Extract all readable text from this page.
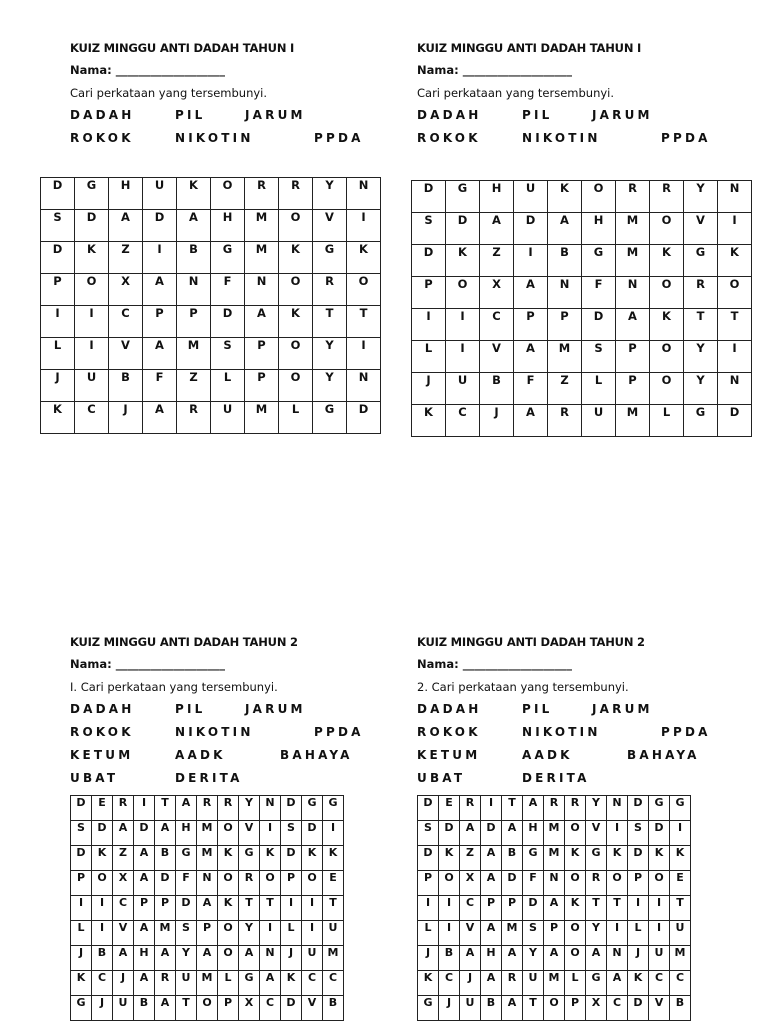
KUIZ MINGGU ANTI DADAH TAHUN I
Nama: ___________________
Cari perkataan yang tersembunyi.
DADAH	PIL	JARUM
ROKOK	NIKOTIN	PPDA
D	G	H	U	K	O	R	R	Y	N
S	D	A	D	A	H	M	O	V	I
D	K	Z	I	B	G	M	K	G	K
P	O	X	A	N	F	N	O	R	O
I	I	C	P	P	D	A	K	T	T
L	I	V	A	M	S	P	O	Y	I
J	U	B	F	Z	L	P	O	Y	N
K	C	J	A	R	U	M	L	G	D
KUIZ MINGGU ANTI DADAH TAHUN I
Nama: ___________________
Cari perkataan yang tersembunyi.
DADAH	PIL	JARUM
ROKOK	NIKOTIN	PPDA
D	G	H	U	K	O	R	R	Y	N
S	D	A	D	A	H	M	O	V	I
D	K	Z	I	B	G	M	K	G	K
P	O	X	A	N	F	N	O	R	O
I	I	C	P	P	D	A	K	T	T
L	I	V	A	M	S	P	O	Y	I
J	U	B	F	Z	L	P	O	Y	N
K	C	J	A	R	U	M	L	G	D
KUIZ MINGGU ANTI DADAH TAHUN 2
Nama: ___________________
I. Cari perkataan yang tersembunyi.
DADAH	PIL	JARUM
ROKOK	NIKOTIN	PPDA
KETUM	AADK	BAHAYA
UBAT	DERITA
D	E	R	I	T	A	R	R	Y	N	D	G	G
S	D	A	D	A	H	M	O	V	I	S	D	I
D	K	Z	A	B	G	M	K	G	K	D	K	K
P	O	X	A	D	F	N	O	R	O	P	O	E
I	I	C	P	P	D	A	K	T	T	I	I	T
L	I	V	A	M	S	P	O	Y	I	L	I	U
J	B	A	H	A	Y	A	O	A	N	J	U	M
K	C	J	A	R	U	M	L	G	A	K	C	C
G	J	U	B	A	T	O	P	X	C	D	V	B
KUIZ MINGGU ANTI DADAH TAHUN 2
Nama: ___________________
2. Cari perkataan yang tersembunyi.
DADAH	PIL	JARUM
ROKOK	NIKOTIN	PPDA
KETUM	AADK	BAHAYA
UBAT	DERITA
D	E	R	I	T	A	R	R	Y	N	D	G	G
S	D	A	D	A	H	M	O	V	I	S	D	I
D	K	Z	A	B	G	M	K	G	K	D	K	K
P	O	X	A	D	F	N	O	R	O	P	O	E
I	I	C	P	P	D	A	K	T	T	I	I	T
L	I	V	A	M	S	P	O	Y	I	L	I	U
J	B	A	H	A	Y	A	O	A	N	J	U	M
K	C	J	A	R	U	M	L	G	A	K	C	C
G	J	U	B	A	T	O	P	X	C	D	V	B
